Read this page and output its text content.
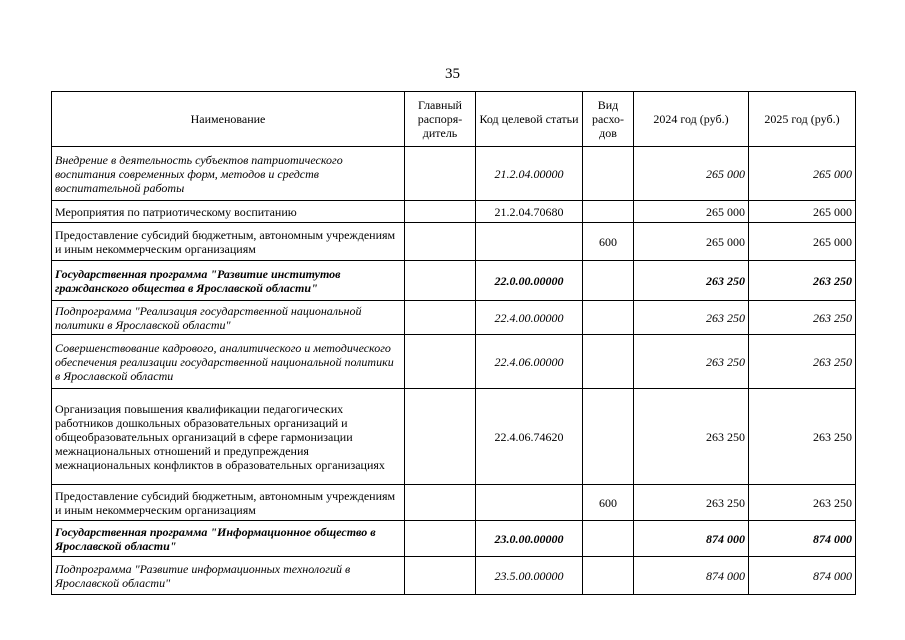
35
Наименование	Главный распоря-дитель	Код целевой статьи	Вид расхо-дов	2024 год (руб.)	2025 год (руб.)
Внедрение в деятельность субъектов патриотического воспитания современных форм, методов и средств воспитательной работы		21.2.04.00000		265 000	265 000
Мероприятия по патриотическому воспитанию		21.2.04.70680		265 000	265 000
Предоставление субсидий бюджетным, автономным учреждениям и иным некоммерческим организациям			600	265 000	265 000
Государственная программа "Развитие институтов гражданского общества в Ярославской области"		22.0.00.00000		263 250	263 250
Подпрограмма "Реализация государственной национальной политики в Ярославской области"		22.4.00.00000		263 250	263 250
Совершенствование кадрового, аналитического и методического обеспечения реализации государственной национальной политики в Ярославской области		22.4.06.00000		263 250	263 250
Организация повышения квалификации педагогических работников дошкольных образовательных организаций и общеобразовательных организаций в сфере гармонизации межнациональных отношений и предупреждения межнациональных конфликтов в образовательных организациях		22.4.06.74620		263 250	263 250
Предоставление субсидий бюджетным, автономным учреждениям и иным некоммерческим организациям			600	263 250	263 250
Государственная программа "Информационное общество в Ярославской области"		23.0.00.00000		874 000	874 000
Подпрограмма "Развитие информационных технологий в Ярославской области"		23.5.00.00000		874 000	874 000
